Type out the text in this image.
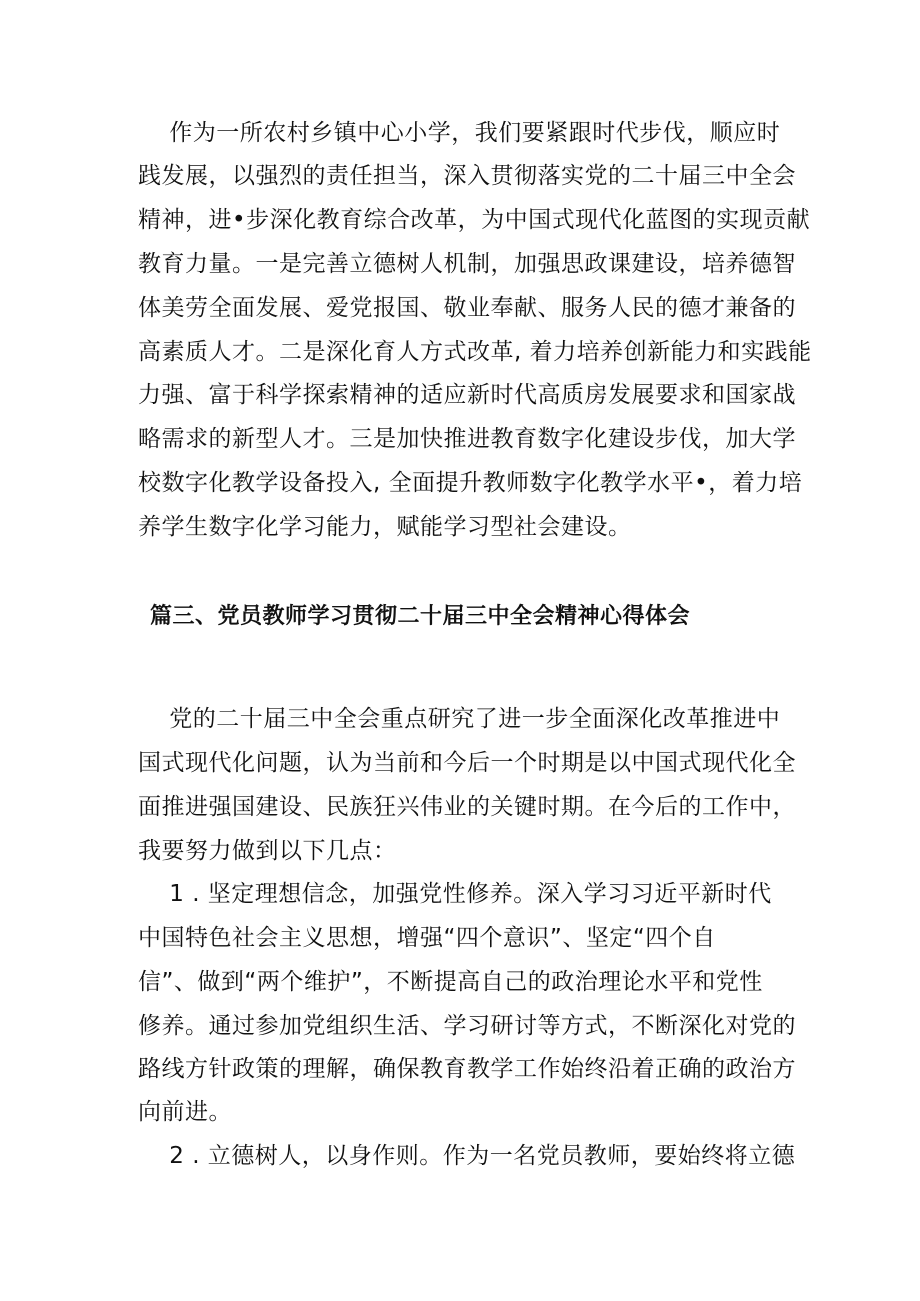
作为一所农村乡镇中心小学，我们要紧跟时代步伐，顺应时
践发展，以强烈的责任担当，深入贯彻落实党的二十届三中全会
精神，进•步深化教育综合改革，为中国式现代化蓝图的实现贡献
教育力量。一是完善立德树人机制，加强思政课建设，培养德智
体美劳全面发展、爱党报国、敬业奉献、服务人民的德才兼备的
高素质人才。二是深化育人方式改革, 着力培养创新能力和实践能
力强、富于科学探索精神的适应新时代高质房发展要求和国家战
略需求的新型人才。三是加快推进教育数字化建设步伐，加大学
校数字化教学设备投入, 全面提升教师数字化教学水平•，着力培
养学生数字化学习能力，赋能学习型社会建设。
篇三、党员教师学习贯彻二十届三中全会精神心得体会
党的二十届三中全会重点研究了进一步全面深化改革推进中
国式现代化问题，认为当前和今后一个时期是以中国式现代化全
面推进强国建设、民族狂兴伟业的关键时期。在今后的工作中，
我要努力做到以下几点：
1 . 坚定理想信念，加强党性修养。深入学习习近平新时代
中国特色社会主义思想，增强“四个意识”、坚定“四个自
信”、做到“两个维护”，不断提高自己的政治理论水平和党性
修养。通过参加党组织生活、学习研讨等方式，不断深化对党的
路线方针政策的理解，确保教育教学工作始终沿着正确的政治方
向前进。
2 . 立德树人，以身作则。作为一名党员教师，要始终将立德
